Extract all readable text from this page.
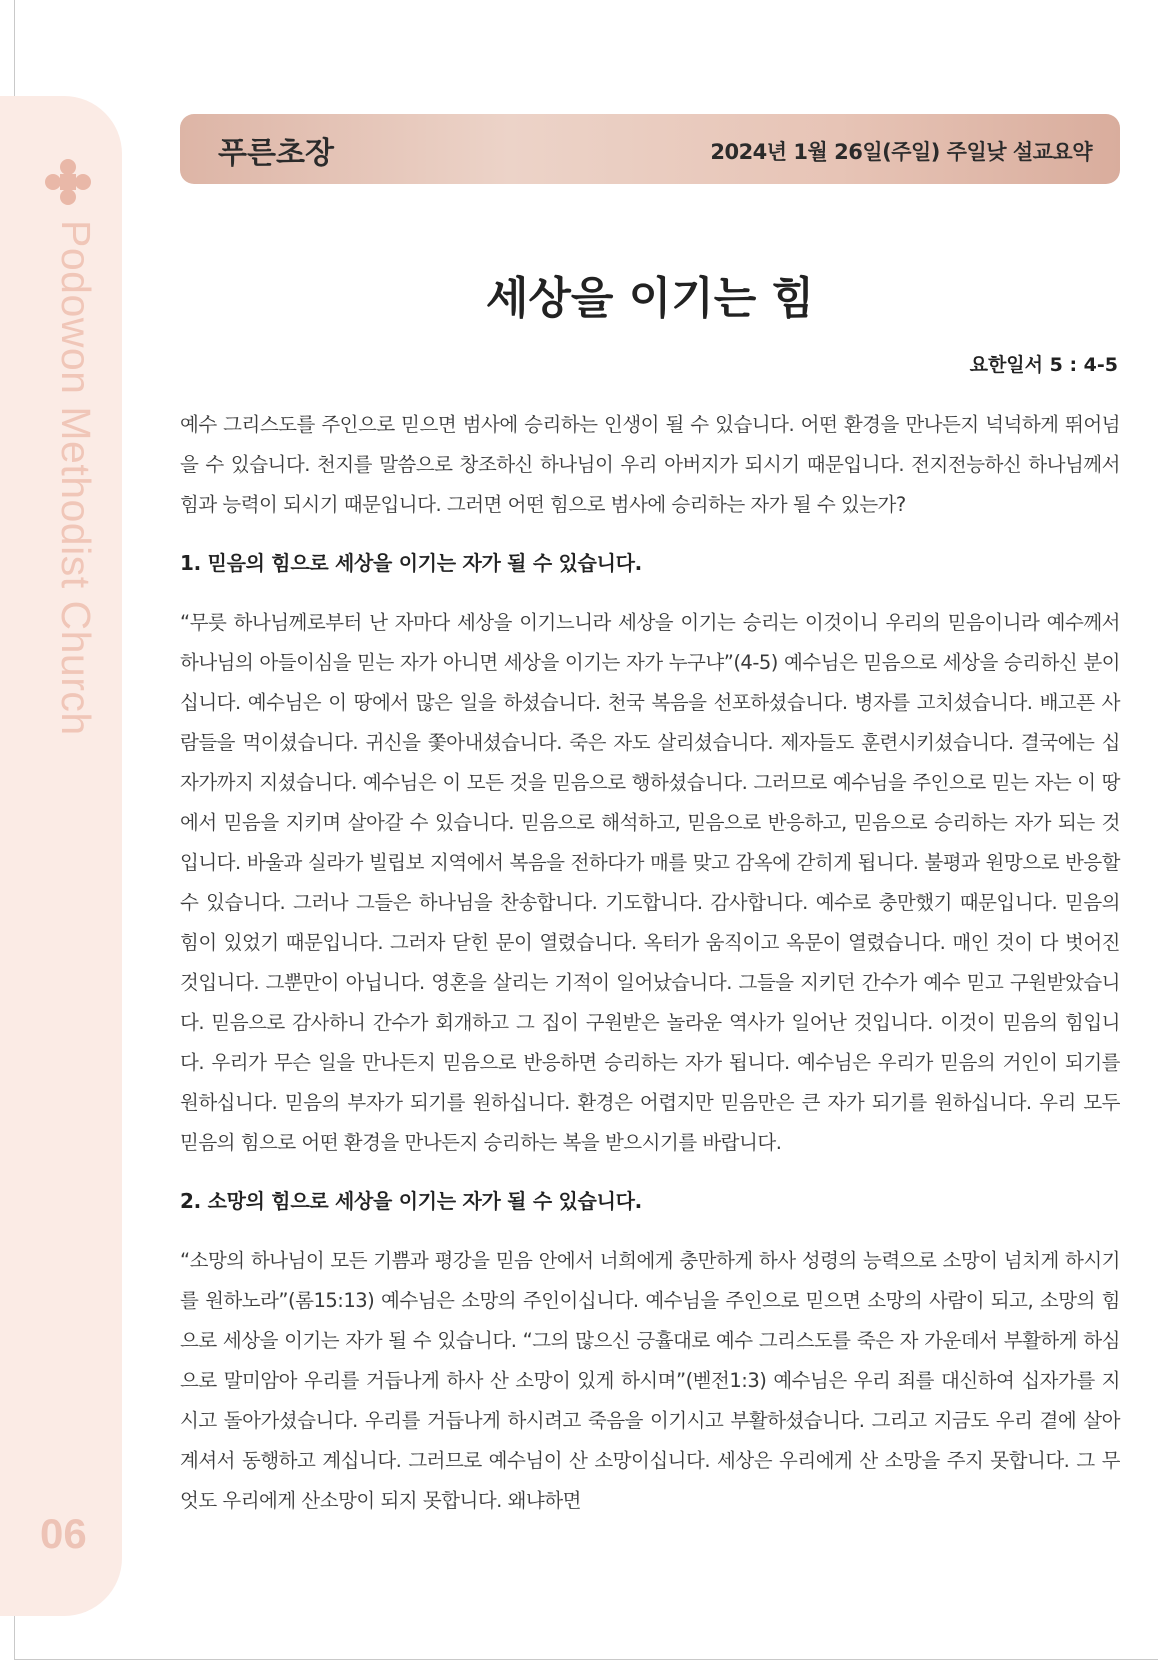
Podowon Methodist Church
06
푸른초장	2024년 1월 26일(주일) 주일낮 설교요약
세상을 이기는 힘
요한일서 5 : 4-5

예수 그리스도를 주인으로 믿으면 범사에 승리하는 인생이 될 수 있습니다. 어떤 환경을 만나든지 넉넉하게 뛰어넘을 수 있습니다. 천지를 말씀으로 창조하신 하나님이 우리 아버지가 되시기 때문입니다. 전지전능하신 하나님께서 힘과 능력이 되시기 때문입니다. 그러면 어떤 힘으로 범사에 승리하는 자가 될 수 있는가?

1. 믿음의 힘으로 세상을 이기는 자가 될 수 있습니다.

“무릇 하나님께로부터 난 자마다 세상을 이기느니라 세상을 이기는 승리는 이것이니 우리의 믿음이니라 예수께서 하나님의 아들이심을 믿는 자가 아니면 세상을 이기는 자가 누구냐”(4-5) 예수님은 믿음으로 세상을 승리하신 분이십니다. 예수님은 이 땅에서 많은 일을 하셨습니다. 천국 복음을 선포하셨습니다. 병자를 고치셨습니다. 배고픈 사람들을 먹이셨습니다. 귀신을 쫓아내셨습니다. 죽은 자도 살리셨습니다. 제자들도 훈련시키셨습니다. 결국에는 십자가까지 지셨습니다. 예수님은 이 모든 것을 믿음으로 행하셨습니다. 그러므로 예수님을 주인으로 믿는 자는 이 땅에서 믿음을 지키며 살아갈 수 있습니다. 믿음으로 해석하고, 믿음으로 반응하고, 믿음으로 승리하는 자가 되는 것입니다. 바울과 실라가 빌립보 지역에서 복음을 전하다가 매를 맞고 감옥에 갇히게 됩니다. 불평과 원망으로 반응할 수 있습니다. 그러나 그들은 하나님을 찬송합니다. 기도합니다. 감사합니다. 예수로 충만했기 때문입니다. 믿음의 힘이 있었기 때문입니다. 그러자 닫힌 문이 열렸습니다. 옥터가 움직이고 옥문이 열렸습니다. 매인 것이 다 벗어진 것입니다. 그뿐만이 아닙니다. 영혼을 살리는 기적이 일어났습니다. 그들을 지키던 간수가 예수 믿고 구원받았습니다. 믿음으로 감사하니 간수가 회개하고 그 집이 구원받은 놀라운 역사가 일어난 것입니다. 이것이 믿음의 힘입니다. 우리가 무슨 일을 만나든지 믿음으로 반응하면 승리하는 자가 됩니다. 예수님은 우리가 믿음의 거인이 되기를 원하십니다. 믿음의 부자가 되기를 원하십니다. 환경은 어렵지만 믿음만은 큰 자가 되기를 원하십니다. 우리 모두 믿음의 힘으로 어떤 환경을 만나든지 승리하는 복을 받으시기를 바랍니다.

2. 소망의 힘으로 세상을 이기는 자가 될 수 있습니다.

“소망의 하나님이 모든 기쁨과 평강을 믿음 안에서 너희에게 충만하게 하사 성령의 능력으로 소망이 넘치게 하시기를 원하노라”(롬15:13) 예수님은 소망의 주인이십니다. 예수님을 주인으로 믿으면 소망의 사람이 되고, 소망의 힘으로 세상을 이기는 자가 될 수 있습니다. “그의 많으신 긍휼대로 예수 그리스도를 죽은 자 가운데서 부활하게 하심으로 말미암아 우리를 거듭나게 하사 산 소망이 있게 하시며”(벧전1:3) 예수님은 우리 죄를 대신하여 십자가를 지시고 돌아가셨습니다. 우리를 거듭나게 하시려고 죽음을 이기시고 부활하셨습니다. 그리고 지금도 우리 곁에 살아계셔서 동행하고 계십니다. 그러므로 예수님이 산 소망이십니다. 세상은 우리에게 산 소망을 주지 못합니다. 그 무엇도 우리에게 산소망이 되지 못합니다. 왜냐하면
